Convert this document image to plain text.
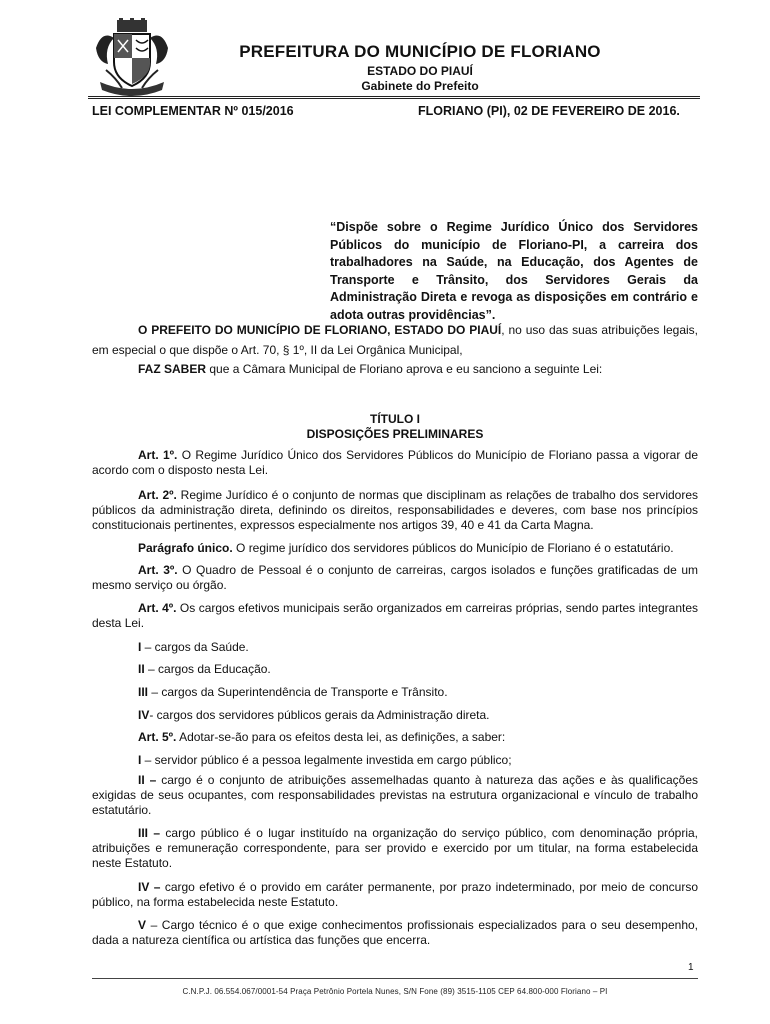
PREFEITURA DO MUNICÍPIO DE FLORIANO
ESTADO DO PIAUÍ
Gabinete do Prefeito
LEI COMPLEMENTAR Nº 015/2016	FLORIANO (PI), 02 DE FEVEREIRO DE 2016.
“Dispõe sobre o Regime Jurídico Único dos Servidores Públicos do município de Floriano-PI, a carreira dos trabalhadores na Saúde, na Educação, dos Agentes de Transporte e Trânsito, dos Servidores Gerais da Administração Direta e revoga as disposições em contrário e adota outras providências”.
O PREFEITO DO MUNICÍPIO DE FLORIANO, ESTADO DO PIAUÍ, no uso das suas atribuições legais, em especial o que dispõe o Art. 70, § 1º, II da Lei Orgânica Municipal,
FAZ SABER que a Câmara Municipal de Floriano aprova e eu sanciono a seguinte Lei:
TÍTULO I
DISPOSIÇÕES PRELIMINARES
Art. 1º. O Regime Jurídico Único dos Servidores Públicos do Município de Floriano passa a vigorar de acordo com o disposto nesta Lei.
Art. 2º. Regime Jurídico é o conjunto de normas que disciplinam as relações de trabalho dos servidores públicos da administração direta, definindo os direitos, responsabilidades e deveres, com base nos princípios constitucionais pertinentes, expressos especialmente nos artigos 39, 40 e 41 da Carta Magna.
Parágrafo único. O regime jurídico dos servidores públicos do Município de Floriano é o estatutário.
Art. 3º. O Quadro de Pessoal é o conjunto de carreiras, cargos isolados e funções gratificadas de um mesmo serviço ou órgão.
Art. 4º. Os cargos efetivos municipais serão organizados em carreiras próprias, sendo partes integrantes desta Lei.
I – cargos da Saúde.
II – cargos da Educação.
III – cargos da Superintendência de Transporte e Trânsito.
IV- cargos dos servidores públicos gerais da Administração direta.
Art. 5º. Adotar-se-ão para os efeitos desta lei, as definições, a saber:
I – servidor público é a pessoa legalmente investida em cargo público;
II – cargo é o conjunto de atribuições assemelhadas quanto à natureza das ações e às qualificações exigidas de seus ocupantes, com responsabilidades previstas na estrutura organizacional e vínculo de trabalho estatutário.
III – cargo público é o lugar instituído na organização do serviço público, com denominação própria, atribuições e remuneração correspondente, para ser provido e exercido por um titular, na forma estabelecida neste Estatuto.
IV – cargo efetivo é o provido em caráter permanente, por prazo indeterminado, por meio de concurso público, na forma estabelecida neste Estatuto.
V – Cargo técnico é o que exige conhecimentos profissionais especializados para o seu desempenho, dada a natureza científica ou artística das funções que encerra.
1
C.N.P.J. 06.554.067/0001-54 Praça Petrônio Portela Nunes, S/N Fone (89) 3515-1105 CEP 64.800-000 Floriano – PI
